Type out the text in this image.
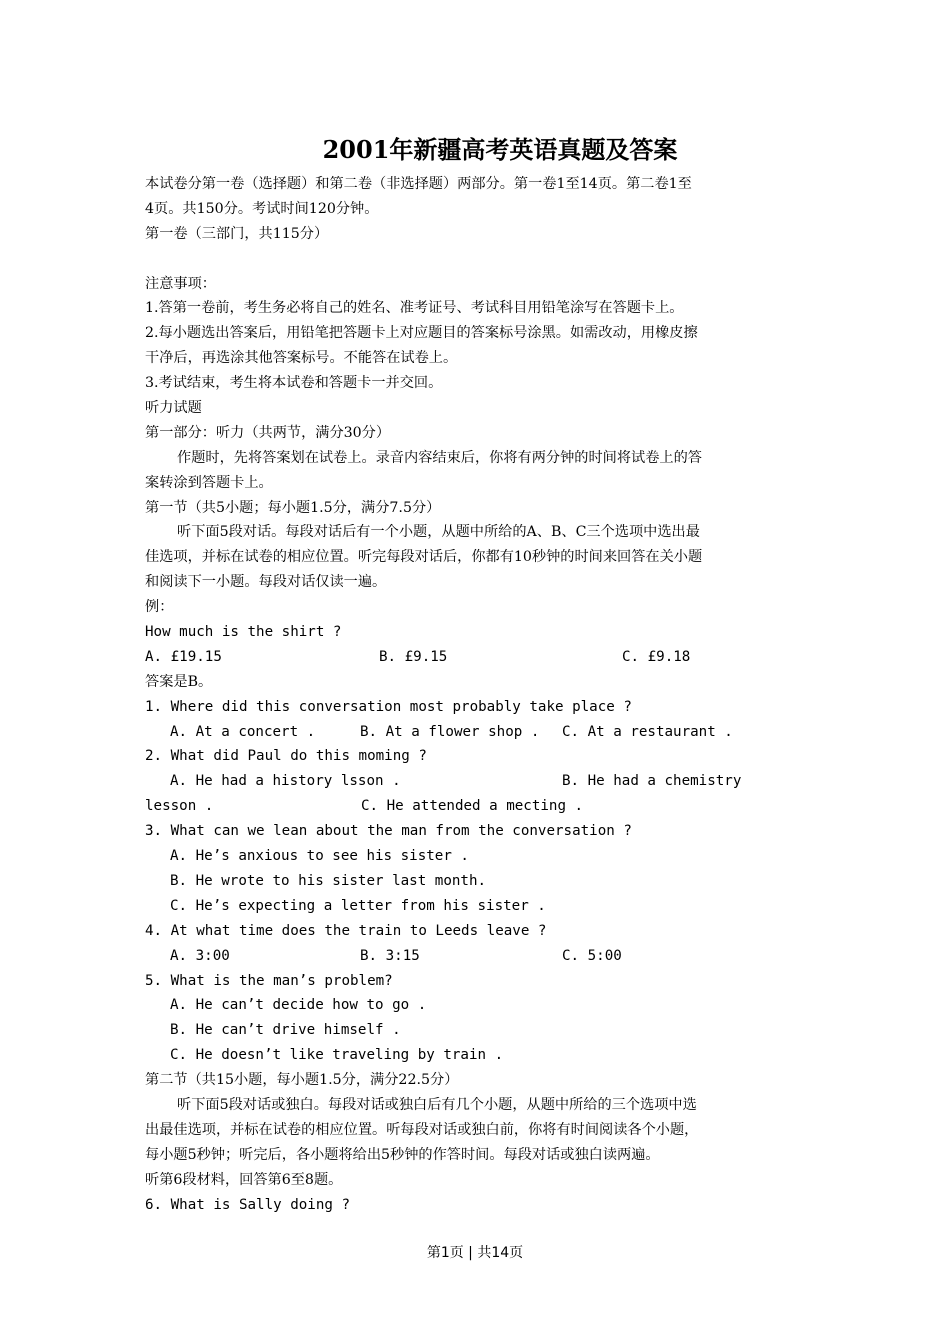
2001年新疆高考英语真题及答案
本试卷分第一卷（选择题）和第二卷（非选择题）两部分。第一卷1至14页。第二卷1至
4页。共150分。考试时间120分钟。
第一卷（三部门，共115分）
注意事项：
1.答第一卷前，考生务必将自己的姓名、准考证号、考试科目用铅笔涂写在答题卡上。
2.每小题选出答案后，用铅笔把答题卡上对应题目的答案标号涂黑。如需改动，用橡皮擦
干净后，再选涂其他答案标号。不能答在试卷上。
3.考试结束，考生将本试卷和答题卡一并交回。
听力试题
第一部分：听力（共两节，满分30分）
作题时，先将答案划在试卷上。录音内容结束后，你将有两分钟的时间将试卷上的答
案转涂到答题卡上。
第一节（共5小题；每小题1.5分，满分7.5分）
听下面5段对话。每段对话后有一个小题，从题中所给的A、B、C三个选项中选出最
佳选项，并标在试卷的相应位置。听完每段对话后，你都有10秒钟的时间来回答在关小题
和阅读下一小题。每段对话仅读一遍。
例：
How much is the shirt ?
A. £19.15	B. £9.15	C. £9.18
答案是B。
1. Where did this conversation most probably take place ?
A. At a concert .	B. At a flower shop .	C. At a restaurant .
2. What did Paul do this moming ?
A. He had a history lsson .	B. He had a chemistry
lesson .	C. He attended a mecting .
3. What can we lean about the man from the conversation ?
A. He’s anxious to see his sister .
B. He wrote to his sister last month.
C. He’s expecting a letter from his sister .
4. At what time does the train to Leeds leave ?
A. 3:00	B. 3:15	C. 5:00
5. What is the man’s problem?
A. He can’t decide how to go .
B. He can’t drive himself .
C. He doesn’t like traveling by train .
第二节（共15小题，每小题1.5分，满分22.5分）
听下面5段对话或独白。每段对话或独白后有几个小题，从题中所给的三个选项中选
出最佳选项，并标在试卷的相应位置。听每段对话或独白前，你将有时间阅读各个小题，
每小题5秒钟；听完后，各小题将给出5秒钟的作答时间。每段对话或独白读两遍。
听第6段材料，回答第6至8题。
6. What is Sally doing ?
第1页 | 共14页
